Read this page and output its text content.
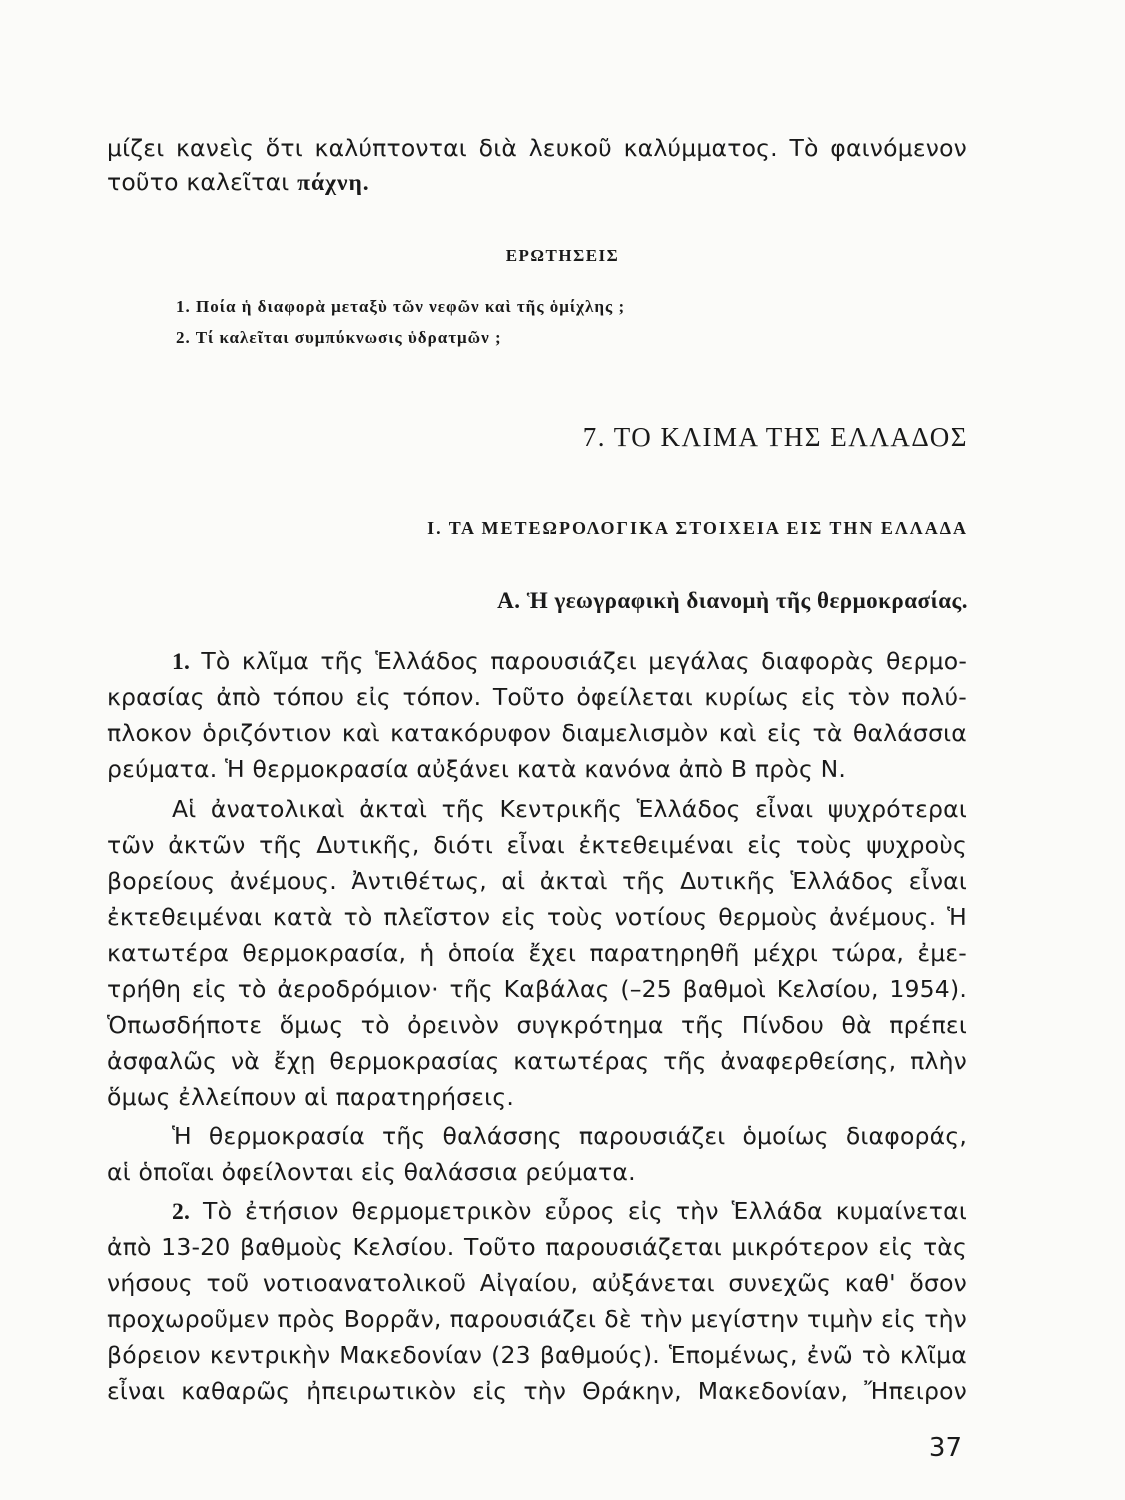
μίζει κανεὶς ὅτι καλύπτονται διὰ λευκοῦ καλύμματος. Τὸ φαινόμενον
τοῦτο καλεῖται πάχνη.
ΕΡΩΤΗΣΕΙΣ
1. Ποία ἡ διαφορὰ μεταξὺ τῶν νεφῶν καὶ τῆς ὁμίχλης ;
2. Τί καλεῖται συμπύκνωσις ὑδρατμῶν ;
7. ΤΟ ΚΛΙΜΑ ΤΗΣ ΕΛΛΑΔΟΣ
Ι. ΤΑ ΜΕΤΕΩΡΟΛΟΓΙΚΑ ΣΤΟΙΧΕΙΑ ΕΙΣ ΤΗΝ ΕΛΛΑΔΑ
Α. Ἡ γεωγραφικὴ διανομὴ τῆς θερμοκρασίας.
1. Τὸ κλῖμα τῆς Ἑλλάδος παρουσιάζει μεγάλας διαφορὰς θερμο-
κρασίας ἀπὸ τόπου εἰς τόπον. Τοῦτο ὀφείλεται κυρίως εἰς τὸν πολύ-
πλοκον ὁριζόντιον καὶ κατακόρυφον διαμελισμὸν καὶ εἰς τὰ θαλάσσια
ρεύματα. Ἡ θερμοκρασία αὐξάνει κατὰ κανόνα ἀπὸ Β πρὸς Ν.
Αἱ ἀνατολικαὶ ἀκταὶ τῆς Κεντρικῆς Ἑλλάδος εἶναι ψυχρότεραι
τῶν ἀκτῶν τῆς Δυτικῆς, διότι εἶναι ἐκτεθειμέναι εἰς τοὺς ψυχροὺς
βορείους ἀνέμους. Ἀντιθέτως, αἱ ἀκταὶ τῆς Δυτικῆς Ἑλλάδος εἶναι
ἐκτεθειμέναι κατὰ τὸ πλεῖστον εἰς τοὺς νοτίους θερμοὺς ἀνέμους. Ἡ
κατωτέρα θερμοκρασία, ἡ ὁποία ἔχει παρατηρηθῆ μέχρι τώρα, ἐμε-
τρήθη εἰς τὸ ἀεροδρόμιον· τῆς Καβάλας (–25 βαθμοὶ Κελσίου, 1954).
Ὁπωσδήποτε ὅμως τὸ ὀρεινὸν συγκρότημα τῆς Πίνδου θὰ πρέπει
ἀσφαλῶς νὰ ἔχῃ θερμοκρασίας κατωτέρας τῆς ἀναφερθείσης, πλὴν
ὅμως ἐλλείπουν αἱ παρατηρήσεις.
Ἡ θερμοκρασία τῆς θαλάσσης παρουσιάζει ὁμοίως διαφοράς,
αἱ ὁποῖαι ὀφείλονται εἰς θαλάσσια ρεύματα.
2. Τὸ ἐτήσιον θερμομετρικὸν εὖρος εἰς τὴν Ἑλλάδα κυμαίνεται
ἀπὸ 13-20 βαθμοὺς Κελσίου. Τοῦτο παρουσιάζεται μικρότερον εἰς τὰς
νήσους τοῦ νοτιοανατολικοῦ Αἰγαίου, αὐξάνεται συνεχῶς καθ' ὅσον
προχωροῦμεν πρὸς Βορρᾶν, παρουσιάζει δὲ τὴν μεγίστην τιμὴν εἰς τὴν
βόρειον κεντρικὴν Μακεδονίαν (23 βαθμούς). Ἑπομένως, ἐνῶ τὸ κλῖμα
εἶναι καθαρῶς ἠπειρωτικὸν εἰς τὴν Θράκην, Μακεδονίαν, Ἤπειρον
37
